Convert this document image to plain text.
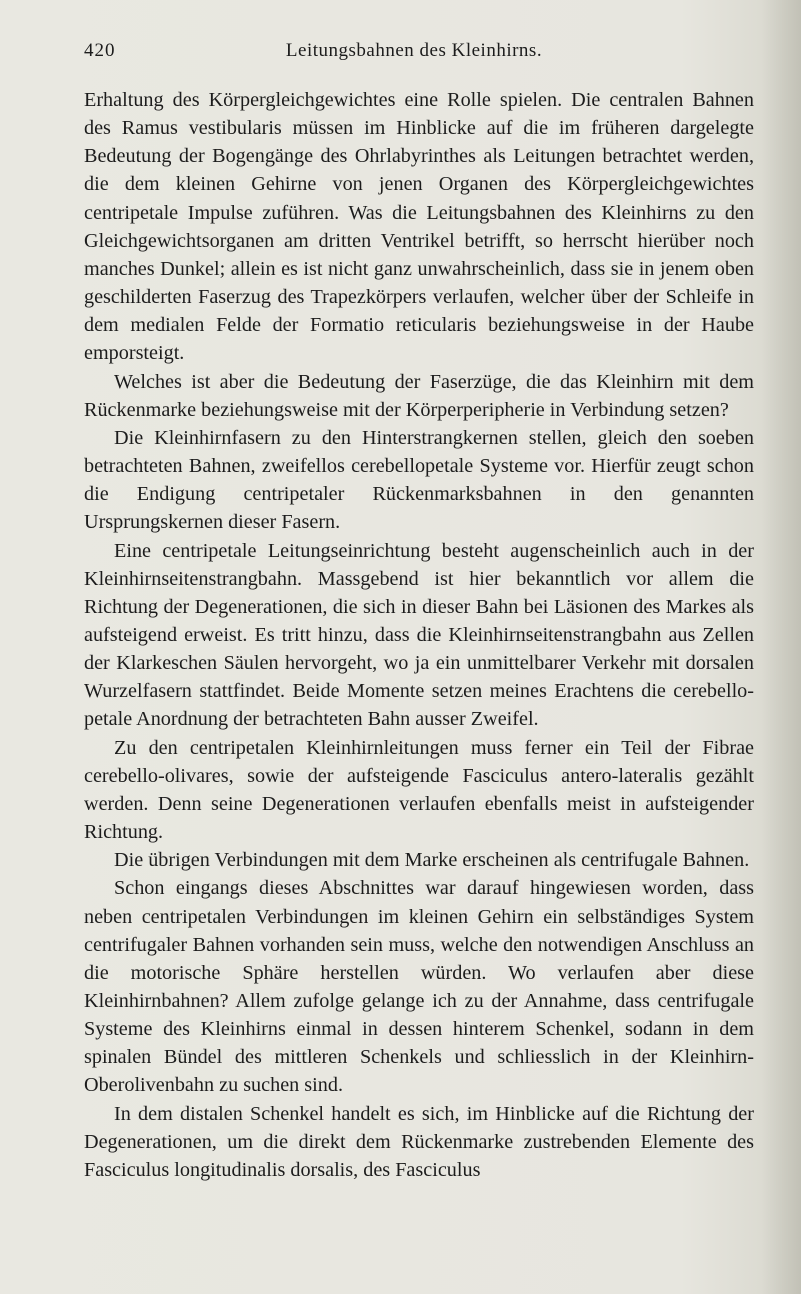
420	Leitungsbahnen des Kleinhirns.

Erhaltung des Körpergleichgewichtes eine Rolle spielen. Die centralen Bahnen des Ramus vestibularis müssen im Hinblicke auf die im früheren dargelegte Bedeutung der Bogengänge des Ohrlabyrinthes als Leitungen betrachtet werden, die dem kleinen Gehirne von jenen Organen des Körpergleichgewichtes centripetale Impulse zuführen. Was die Leitungsbahnen des Kleinhirns zu den Gleichgewichtsorganen am dritten Ventrikel betrifft, so herrscht hierüber noch manches Dunkel; allein es ist nicht ganz unwahrscheinlich, dass sie in jenem oben geschilderten Faserzug des Trapezkörpers verlaufen, welcher über der Schleife in dem medialen Felde der Formatio reticularis beziehungsweise in der Haube emporsteigt.

Welches ist aber die Bedeutung der Faserzüge, die das Kleinhirn mit dem Rückenmarke beziehungsweise mit der Körperperipherie in Verbindung setzen?

Die Kleinhirnfasern zu den Hinterstrangkernen stellen, gleich den soeben betrachteten Bahnen, zweifellos cerebellopetale Systeme vor. Hierfür zeugt schon die Endigung centripetaler Rückenmarksbahnen in den genannten Ursprungskernen dieser Fasern.

Eine centripetale Leitungseinrichtung besteht augenscheinlich auch in der Kleinhirnseitenstrangbahn. Massgebend ist hier bekanntlich vor allem die Richtung der Degenerationen, die sich in dieser Bahn bei Läsionen des Markes als aufsteigend erweist. Es tritt hinzu, dass die Kleinhirnseitenstrangbahn aus Zellen der Klarkeschen Säulen hervorgeht, wo ja ein unmittelbarer Verkehr mit dorsalen Wurzelfasern stattfindet. Beide Momente setzen meines Erachtens die cerebello-petale Anordnung der betrachteten Bahn ausser Zweifel.

Zu den centripetalen Kleinhirnleitungen muss ferner ein Teil der Fibrae cerebello-olivares, sowie der aufsteigende Fasciculus antero-lateralis gezählt werden. Denn seine Degenerationen verlaufen ebenfalls meist in aufsteigender Richtung.

Die übrigen Verbindungen mit dem Marke erscheinen als centrifugale Bahnen.

Schon eingangs dieses Abschnittes war darauf hingewiesen worden, dass neben centripetalen Verbindungen im kleinen Gehirn ein selbständiges System centrifugaler Bahnen vorhanden sein muss, welche den notwendigen Anschluss an die motorische Sphäre herstellen würden. Wo verlaufen aber diese Kleinhirnbahnen? Allem zufolge gelange ich zu der Annahme, dass centrifugale Systeme des Kleinhirns einmal in dessen hinterem Schenkel, sodann in dem spinalen Bündel des mittleren Schenkels und schliesslich in der Kleinhirn-Oberolivenbahn zu suchen sind.

In dem distalen Schenkel handelt es sich, im Hinblicke auf die Richtung der Degenerationen, um die direkt dem Rückenmarke zustrebenden Elemente des Fasciculus longitudinalis dorsalis, des Fasciculus
